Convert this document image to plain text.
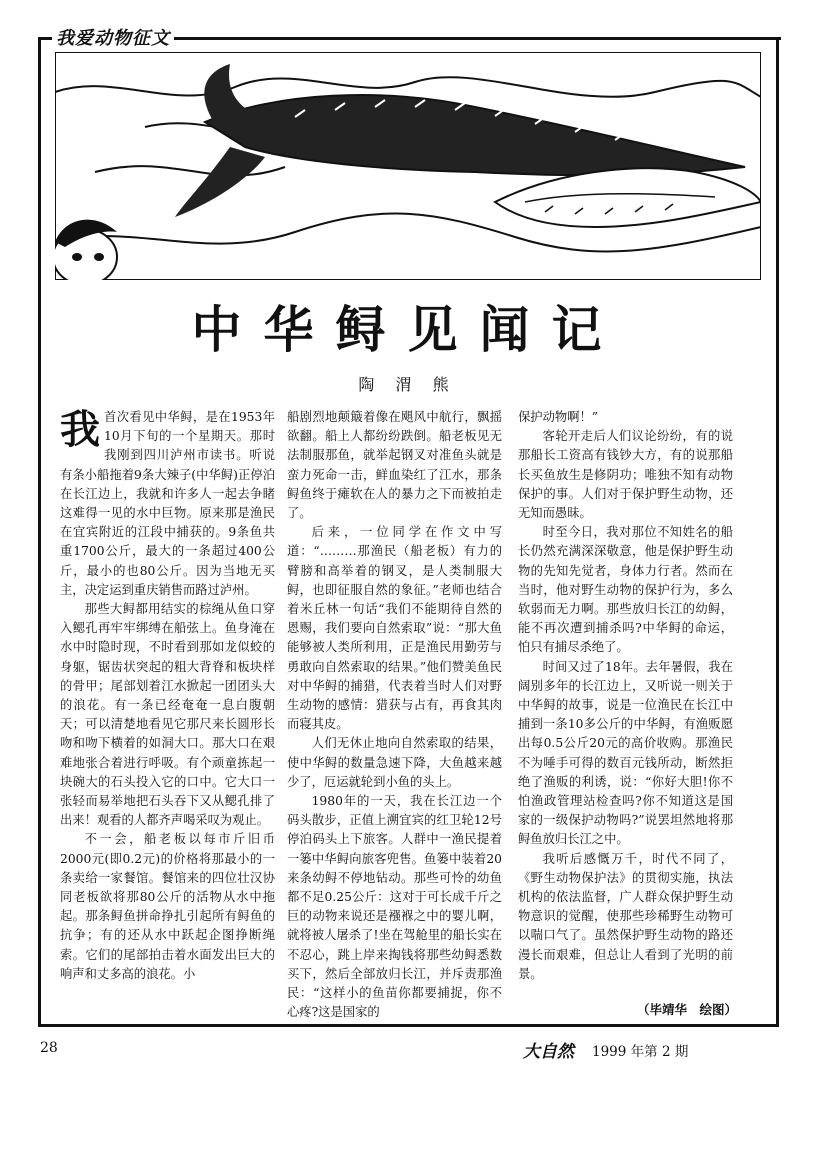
我爱动物征文
中华鲟见闻记
陶 渭 熊

我首次看见中华鲟，是在1953年10月下旬的一个星期天。那时我刚到四川泸州市读书。听说有条小船拖着9条大辣子(中华鲟)正停泊在长江边上，我就和许多人一起去争睹这难得一见的水中巨物。原来那是渔民在宜宾附近的江段中捕获的。9条鱼共重1700公斤，最大的一条超过400公斤，最小的也80公斤。因为当地无买主，决定运到重庆销售而路过泸州。

那些大鲟都用结实的棕绳从鱼口穿入鳃孔再牢牢绑缚在船弦上。鱼身淹在水中时隐时现，不时看到那如龙似蛟的身躯，锯齿状突起的粗大背脊和板块样的骨甲；尾部划着江水掀起一团团头大的浪花。有一条已经奄奄一息白腹朝天；可以清楚地看见它那尺来长圆形长吻和吻下横着的如洞大口。那大口在艰难地张合着进行呼吸。有个顽童拣起一块碗大的石头投入它的口中。它大口一张轻而易举地把石头吞下又从鳃孔排了出来！观看的人都齐声喝采叹为观止。

不一会，船老板以每市斤旧币2000元(即0.2元)的价格将那最小的一条卖给一家餐馆。餐馆来的四位壮汉协同老板欲将那80公斤的活物从水中拖起。那条鲟鱼拼命挣扎引起所有鲟鱼的抗争；有的还从水中跃起企图挣断绳索。它们的尾部拍击着水面发出巨大的响声和丈多高的浪花。小

船剧烈地颠簸着像在飓风中航行，飘摇欲翻。船上人都纷纷跌倒。船老板见无法制服那鱼，就举起钢叉对准鱼头就是蛮力死命一击，鲜血染红了江水，那条鲟鱼终于瘫软在人的暴力之下而被拍走了。

后来，一位同学在作文中写道：“………那渔民（船老板）有力的臂膀和高举着的钢叉，是人类制服大鲟，也即征服自然的象征。”老师也结合着米丘林一句话“我们不能期待自然的恩赐，我们要向自然索取”说：“那大鱼能够被人类所利用，正是渔民用勤劳与勇敢向自然索取的结果。”他们赞美鱼民对中华鲟的捕猎，代表着当时人们对野生动物的感情：猎获与占有，再食其肉而寝其皮。

人们无休止地向自然索取的结果，使中华鲟的数量急速下降，大鱼越来越少了，厄运就轮到小鱼的头上。

1980年的一天，我在长江边一个码头散步，正值上溯宜宾的红卫轮12号停泊码头上下旅客。人群中一渔民提着一篓中华鲟向旅客兜售。鱼篓中装着20来条幼鲟不停地钻动。那些可怜的幼鱼都不足0.25公斤：这对于可长成千斤之巨的动物来说还是襁褓之中的婴儿啊，就将被人屠杀了!坐在驾舱里的船长实在不忍心，跳上岸来掏钱将那些幼鲟悉数买下，然后全部放归长江，并斥责那渔民：“这样小的鱼苗你都要捕捉，你不心疼?这是国家的

保护动物啊！”

客轮开走后人们议论纷纷，有的说那船长工资高有钱钞大方，有的说那船长买鱼放生是修阴功；唯独不知有动物保护的事。人们对于保护野生动物，还无知而愚昧。

时至今日，我对那位不知姓名的船长仍然充满深深敬意，他是保护野生动物的先知先觉者，身体力行者。然而在当时，他对野生动物的保护行为，多么软弱而无力啊。那些放归长江的幼鲟，能不再次遭到捕杀吗?中华鲟的命运，怕只有捕尽杀绝了。

时间又过了18年。去年暑假，我在阔别多年的长江边上，又听说一则关于中华鲟的故事，说是一位渔民在长江中捕到一条10多公斤的中华鲟，有渔贩愿出每0.5公斤20元的高价收购。那渔民不为唾手可得的数百元钱所动，断然拒绝了渔贩的利诱，说：“你好大胆!你不怕渔政管理站检查吗?你不知道这是国家的一级保护动物吗?”说罢坦然地将那鲟鱼放归长江之中。

我听后感慨万千，时代不同了，《野生动物保护法》的贯彻实施，执法机构的依法监督，广人群众保护野生动物意识的觉醒，使那些珍稀野生动物可以喘口气了。虽然保护野生动物的路还漫长而艰难，但总让人看到了光明的前景。

（毕靖华　绘图）
28	大自然 1999 年第 2 期
